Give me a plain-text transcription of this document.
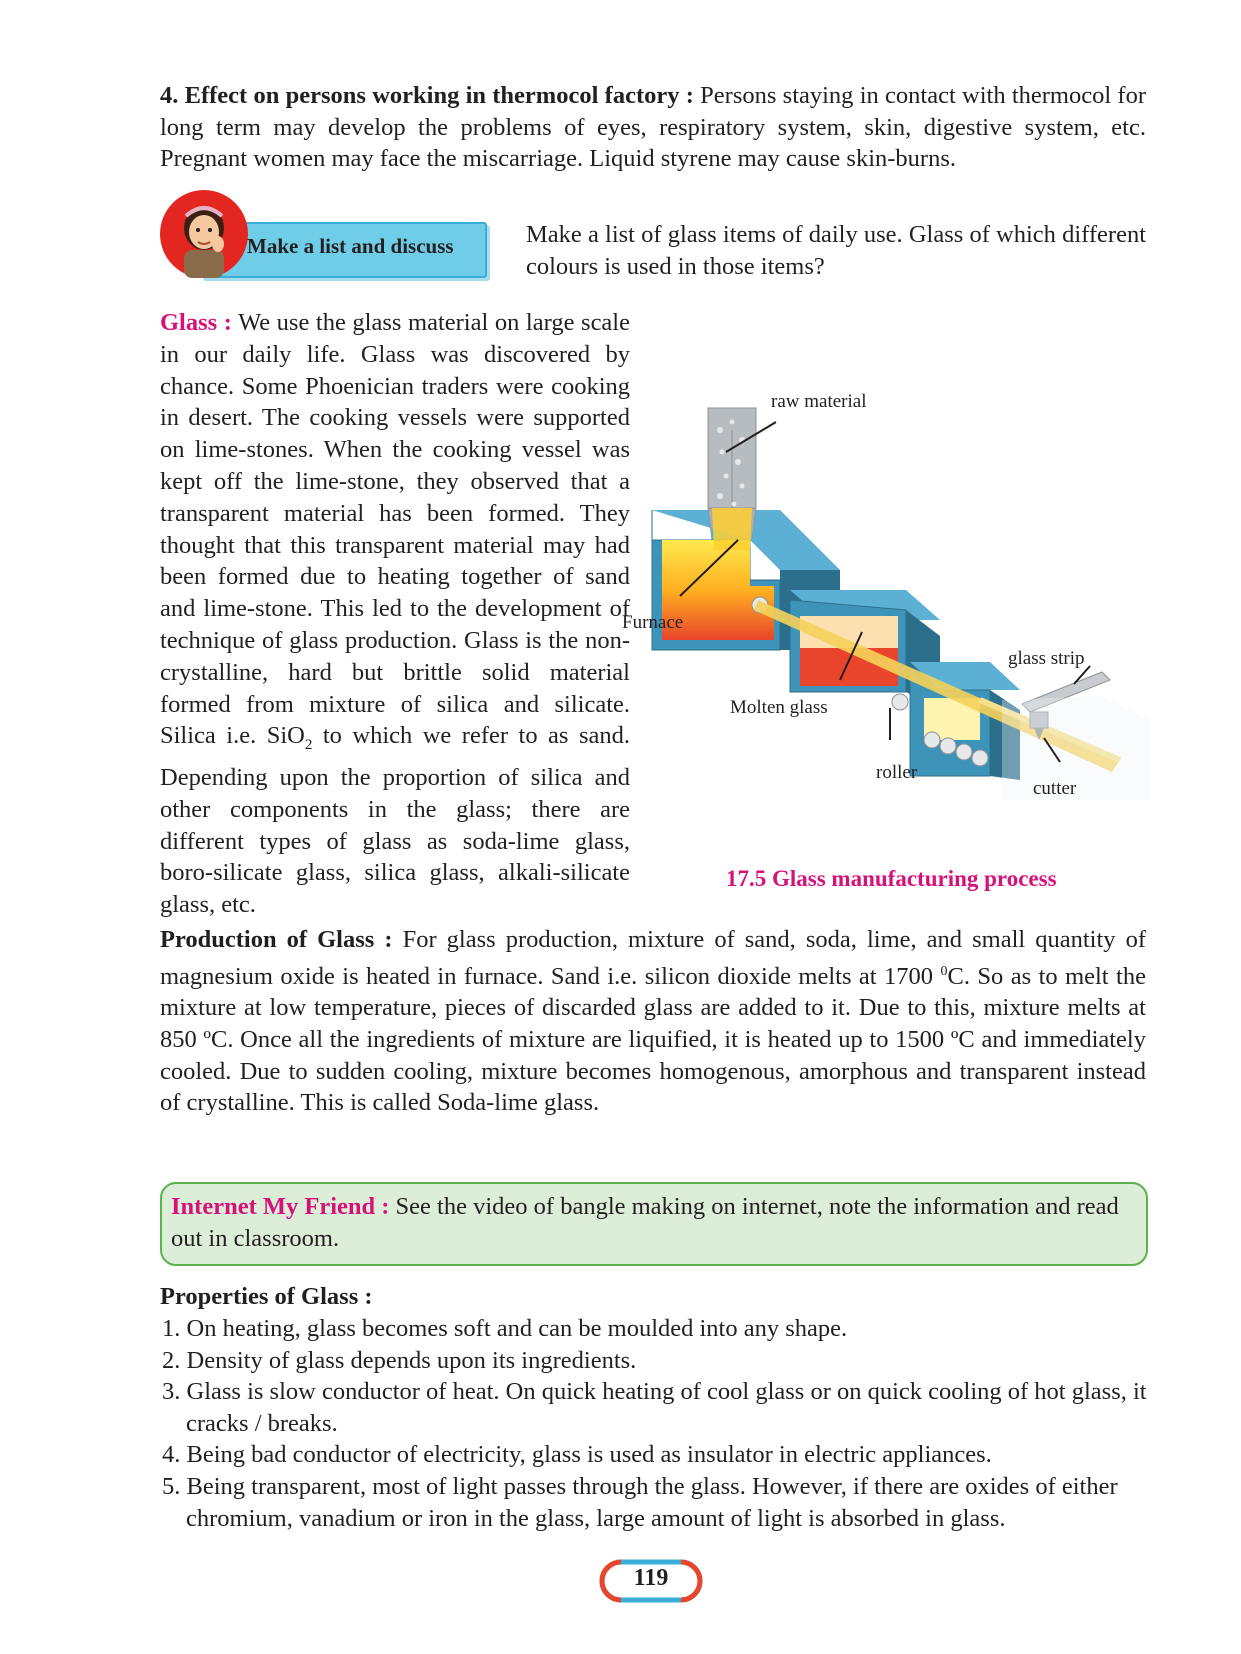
4. Effect on persons working in thermocol factory : Persons staying in contact with thermocol for long term may develop the problems of eyes, respiratory system, skin, digestive system, etc. Pregnant women may face the miscarriage. Liquid styrene may cause skin-burns.

Make a list and discuss	Make a list of glass items of daily use. Glass of which different colours is used in those items?

Glass : We use the glass material on large scale in our daily life. Glass was discovered by chance. Some Phoenician traders were cooking in desert. The cooking vessels were supported on lime-stones. When the cooking vessel was kept off the lime-stone, they observed that a transparent material has been formed. They thought that this transparent material may had been formed due to heating together of sand and lime-stone. This led to the development of technique of glass production. Glass is the non-crystalline, hard but brittle solid material formed from mixture of silica and silicate. Silica i.e. SiO$_2$ to which we refer to as sand. Depending upon the proportion of silica and other components in the glass; there are different types of glass as soda-lime glass, boro-silicate glass, silica glass, alkali-silicate glass, etc.

raw material
Furnace
glass strip
Molten glass
roller
cutter
17.5 Glass manufacturing process

Production of Glass : For glass production, mixture of sand, soda, lime, and small quantity of magnesium oxide is heated in furnace. Sand i.e. silicon dioxide melts at 1700 $^0$C. So as to melt the mixture at low temperature, pieces of discarded glass are added to it. Due to this, mixture melts at 850 ºC. Once all the ingredients of mixture are liquified, it is heated up to 1500 ºC and immediately cooled. Due to sudden cooling, mixture becomes homogenous, amorphous and transparent instead of crystalline. This is called Soda-lime glass.

Internet My Friend : See the video of bangle making on internet, note the information and read out in classroom.

Properties of Glass :
1. On heating, glass becomes soft and can be moulded into any shape.
2. Density of glass depends upon its ingredients.
3. Glass is slow conductor of heat. On quick heating of cool glass or on quick cooling of hot glass, it cracks / breaks.
4. Being bad conductor of electricity, glass is used as insulator in electric appliances.
5. Being transparent, most of light passes through the glass. However, if there are oxides of either chromium, vanadium or iron in the glass, large amount of light is absorbed in glass.
119
